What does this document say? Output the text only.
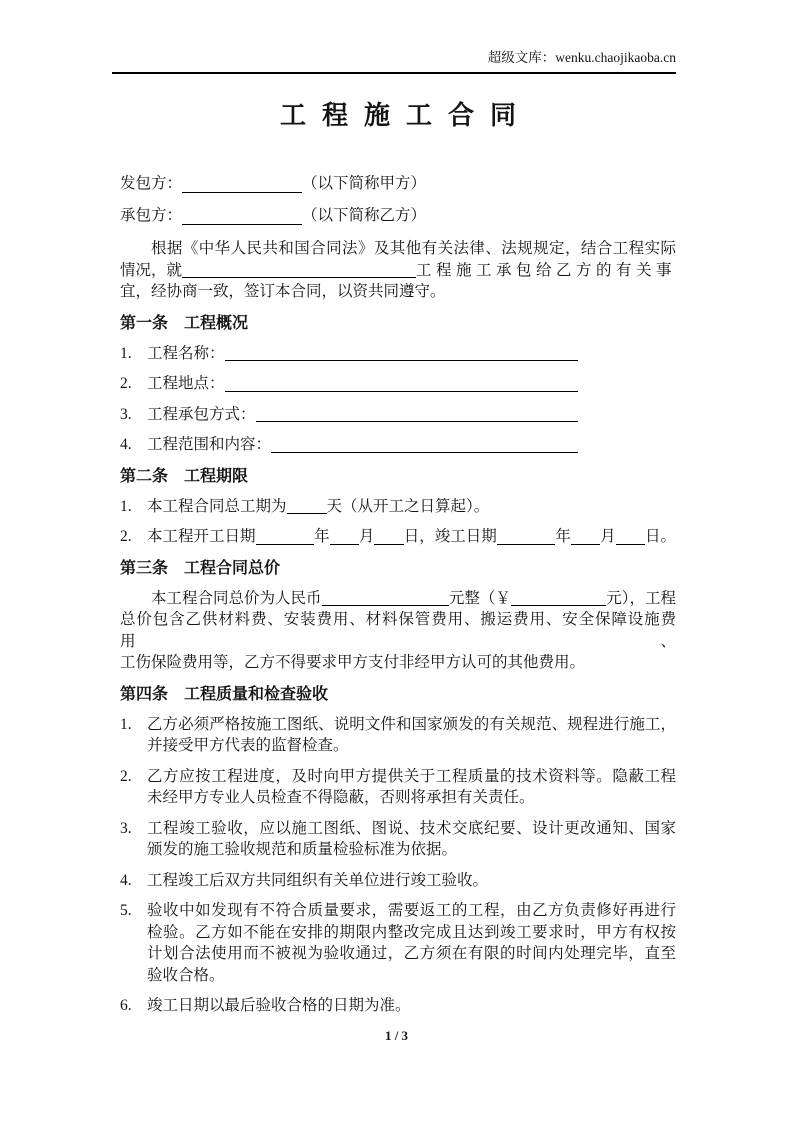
超级文库：wenku.chaojikaoba.cn
工程施工合同
发包方：	（以下简称甲方）
承包方：	（以下简称乙方）
根据《中华人民共和国合同法》及其他有关法律、法规规定，结合工程实际
情况，就	工程施工承包给乙方的有关事
宜，经协商一致，签订本合同，以资共同遵守。
第一条 工程概况
1. 工程名称：
2. 工程地点：
3. 工程承包方式：
4. 工程范围和内容：
第二条 工程期限
1. 本工程合同总工期为	天（从开工之日算起）。
2. 本工程开工日期	年 月 日，竣工日期	年 月 日。
第三条 工程合同总价
本工程合同总价为人民币	元整（￥	元），工程
总价包含乙供材料费、安装费用、材料保管费用、搬运费用、安全保障设施费用、
工伤保险费用等，乙方不得要求甲方支付非经甲方认可的其他费用。
第四条 工程质量和检查验收
1. 乙方必须严格按施工图纸、说明文件和国家颁发的有关规范、规程进行施工，
并接受甲方代表的监督检查。
2. 乙方应按工程进度，及时向甲方提供关于工程质量的技术资料等。隐蔽工程
未经甲方专业人员检查不得隐蔽，否则将承担有关责任。
3. 工程竣工验收，应以施工图纸、图说、技术交底纪要、设计更改通知、国家
颁发的施工验收规范和质量检验标准为依据。
4. 工程竣工后双方共同组织有关单位进行竣工验收。
5. 验收中如发现有不符合质量要求，需要返工的工程，由乙方负责修好再进行
检验。乙方如不能在安排的期限内整改完成且达到竣工要求时，甲方有权按
计划合法使用而不被视为验收通过，乙方须在有限的时间内处理完毕，直至
验收合格。
6. 竣工日期以最后验收合格的日期为准。
1 / 3
